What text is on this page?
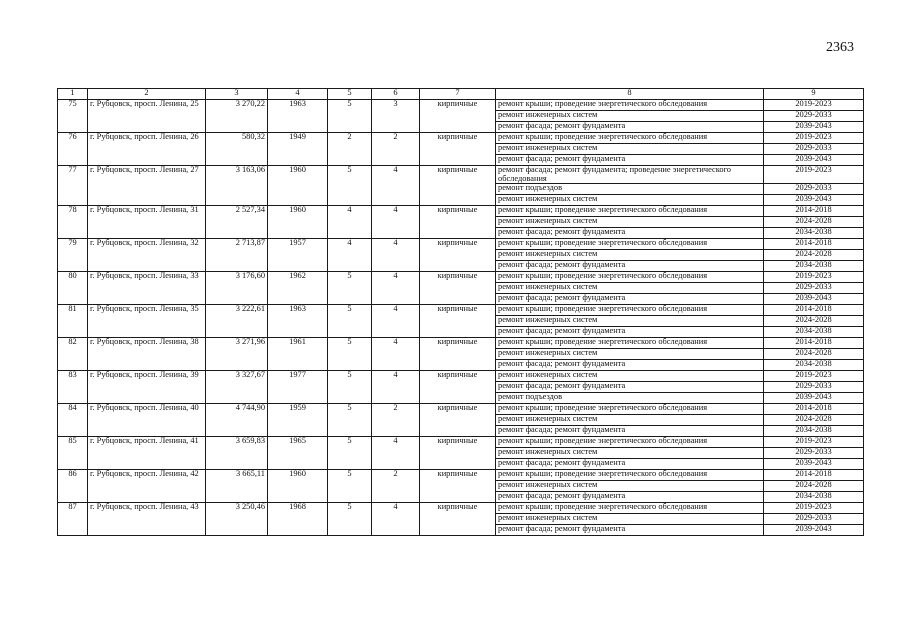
2363
1	2	3	4	5	6	7	8	9
75	г. Рубцовск, просп. Ленина, 25	3 270,22	1963	5	3	кирпичные	ремонт крыши; проведение энергетического обследования	2019-2023
							ремонт инженерных систем	2029-2033
							ремонт фасада; ремонт фундамента	2039-2043
76	г. Рубцовск, просп. Ленина, 26	580,32	1949	2	2	кирпичные	ремонт крыши; проведение энергетического обследования	2019-2023
							ремонт инженерных систем	2029-2033
							ремонт фасада; ремонт фундамента	2039-2043
77	г. Рубцовск, просп. Ленина, 27	3 163,06	1960	5	4	кирпичные	ремонт фасада; ремонт фундамента; проведение энергетического обследования	2019-2023
							ремонт подъездов	2029-2033
							ремонт инженерных систем	2039-2043
78	г. Рубцовск, просп. Ленина, 31	2 527,34	1960	4	4	кирпичные	ремонт крыши; проведение энергетического обследования	2014-2018
							ремонт инженерных систем	2024-2028
							ремонт фасада; ремонт фундамента	2034-2038
79	г. Рубцовск, просп. Ленина, 32	2 713,87	1957	4	4	кирпичные	ремонт крыши; проведение энергетического обследования	2014-2018
							ремонт инженерных систем	2024-2028
							ремонт фасада; ремонт фундамента	2034-2038
80	г. Рубцовск, просп. Ленина, 33	3 176,60	1962	5	4	кирпичные	ремонт крыши; проведение энергетического обследования	2019-2023
							ремонт инженерных систем	2029-2033
							ремонт фасада; ремонт фундамента	2039-2043
81	г. Рубцовск, просп. Ленина, 35	3 222,61	1963	5	4	кирпичные	ремонт крыши; проведение энергетического обследования	2014-2018
							ремонт инженерных систем	2024-2028
							ремонт фасада; ремонт фундамента	2034-2038
82	г. Рубцовск, просп. Ленина, 38	3 271,96	1961	5	4	кирпичные	ремонт крыши; проведение энергетического обследования	2014-2018
							ремонт инженерных систем	2024-2028
							ремонт фасада; ремонт фундамента	2034-2038
83	г. Рубцовск, просп. Ленина, 39	3 327,67	1977	5	4	кирпичные	ремонт инженерных систем	2019-2023
							ремонт фасада; ремонт фундамента	2029-2033
							ремонт подъездов	2039-2043
84	г. Рубцовск, просп. Ленина, 40	4 744,90	1959	5	2	кирпичные	ремонт крыши; проведение энергетического обследования	2014-2018
							ремонт инженерных систем	2024-2028
							ремонт фасада; ремонт фундамента	2034-2038
85	г. Рубцовск, просп. Ленина, 41	3 659,83	1965	5	4	кирпичные	ремонт крыши; проведение энергетического обследования	2019-2023
							ремонт инженерных систем	2029-2033
							ремонт фасада; ремонт фундамента	2039-2043
86	г. Рубцовск, просп. Ленина, 42	3 665,11	1960	5	2	кирпичные	ремонт крыши; проведение энергетического обследования	2014-2018
							ремонт инженерных систем	2024-2028
							ремонт фасада; ремонт фундамента	2034-2038
87	г. Рубцовск, просп. Ленина, 43	3 250,46	1968	5	4	кирпичные	ремонт крыши; проведение энергетического обследования	2019-2023
							ремонт инженерных систем	2029-2033
							ремонт фасада; ремонт фундамента	2039-2043
